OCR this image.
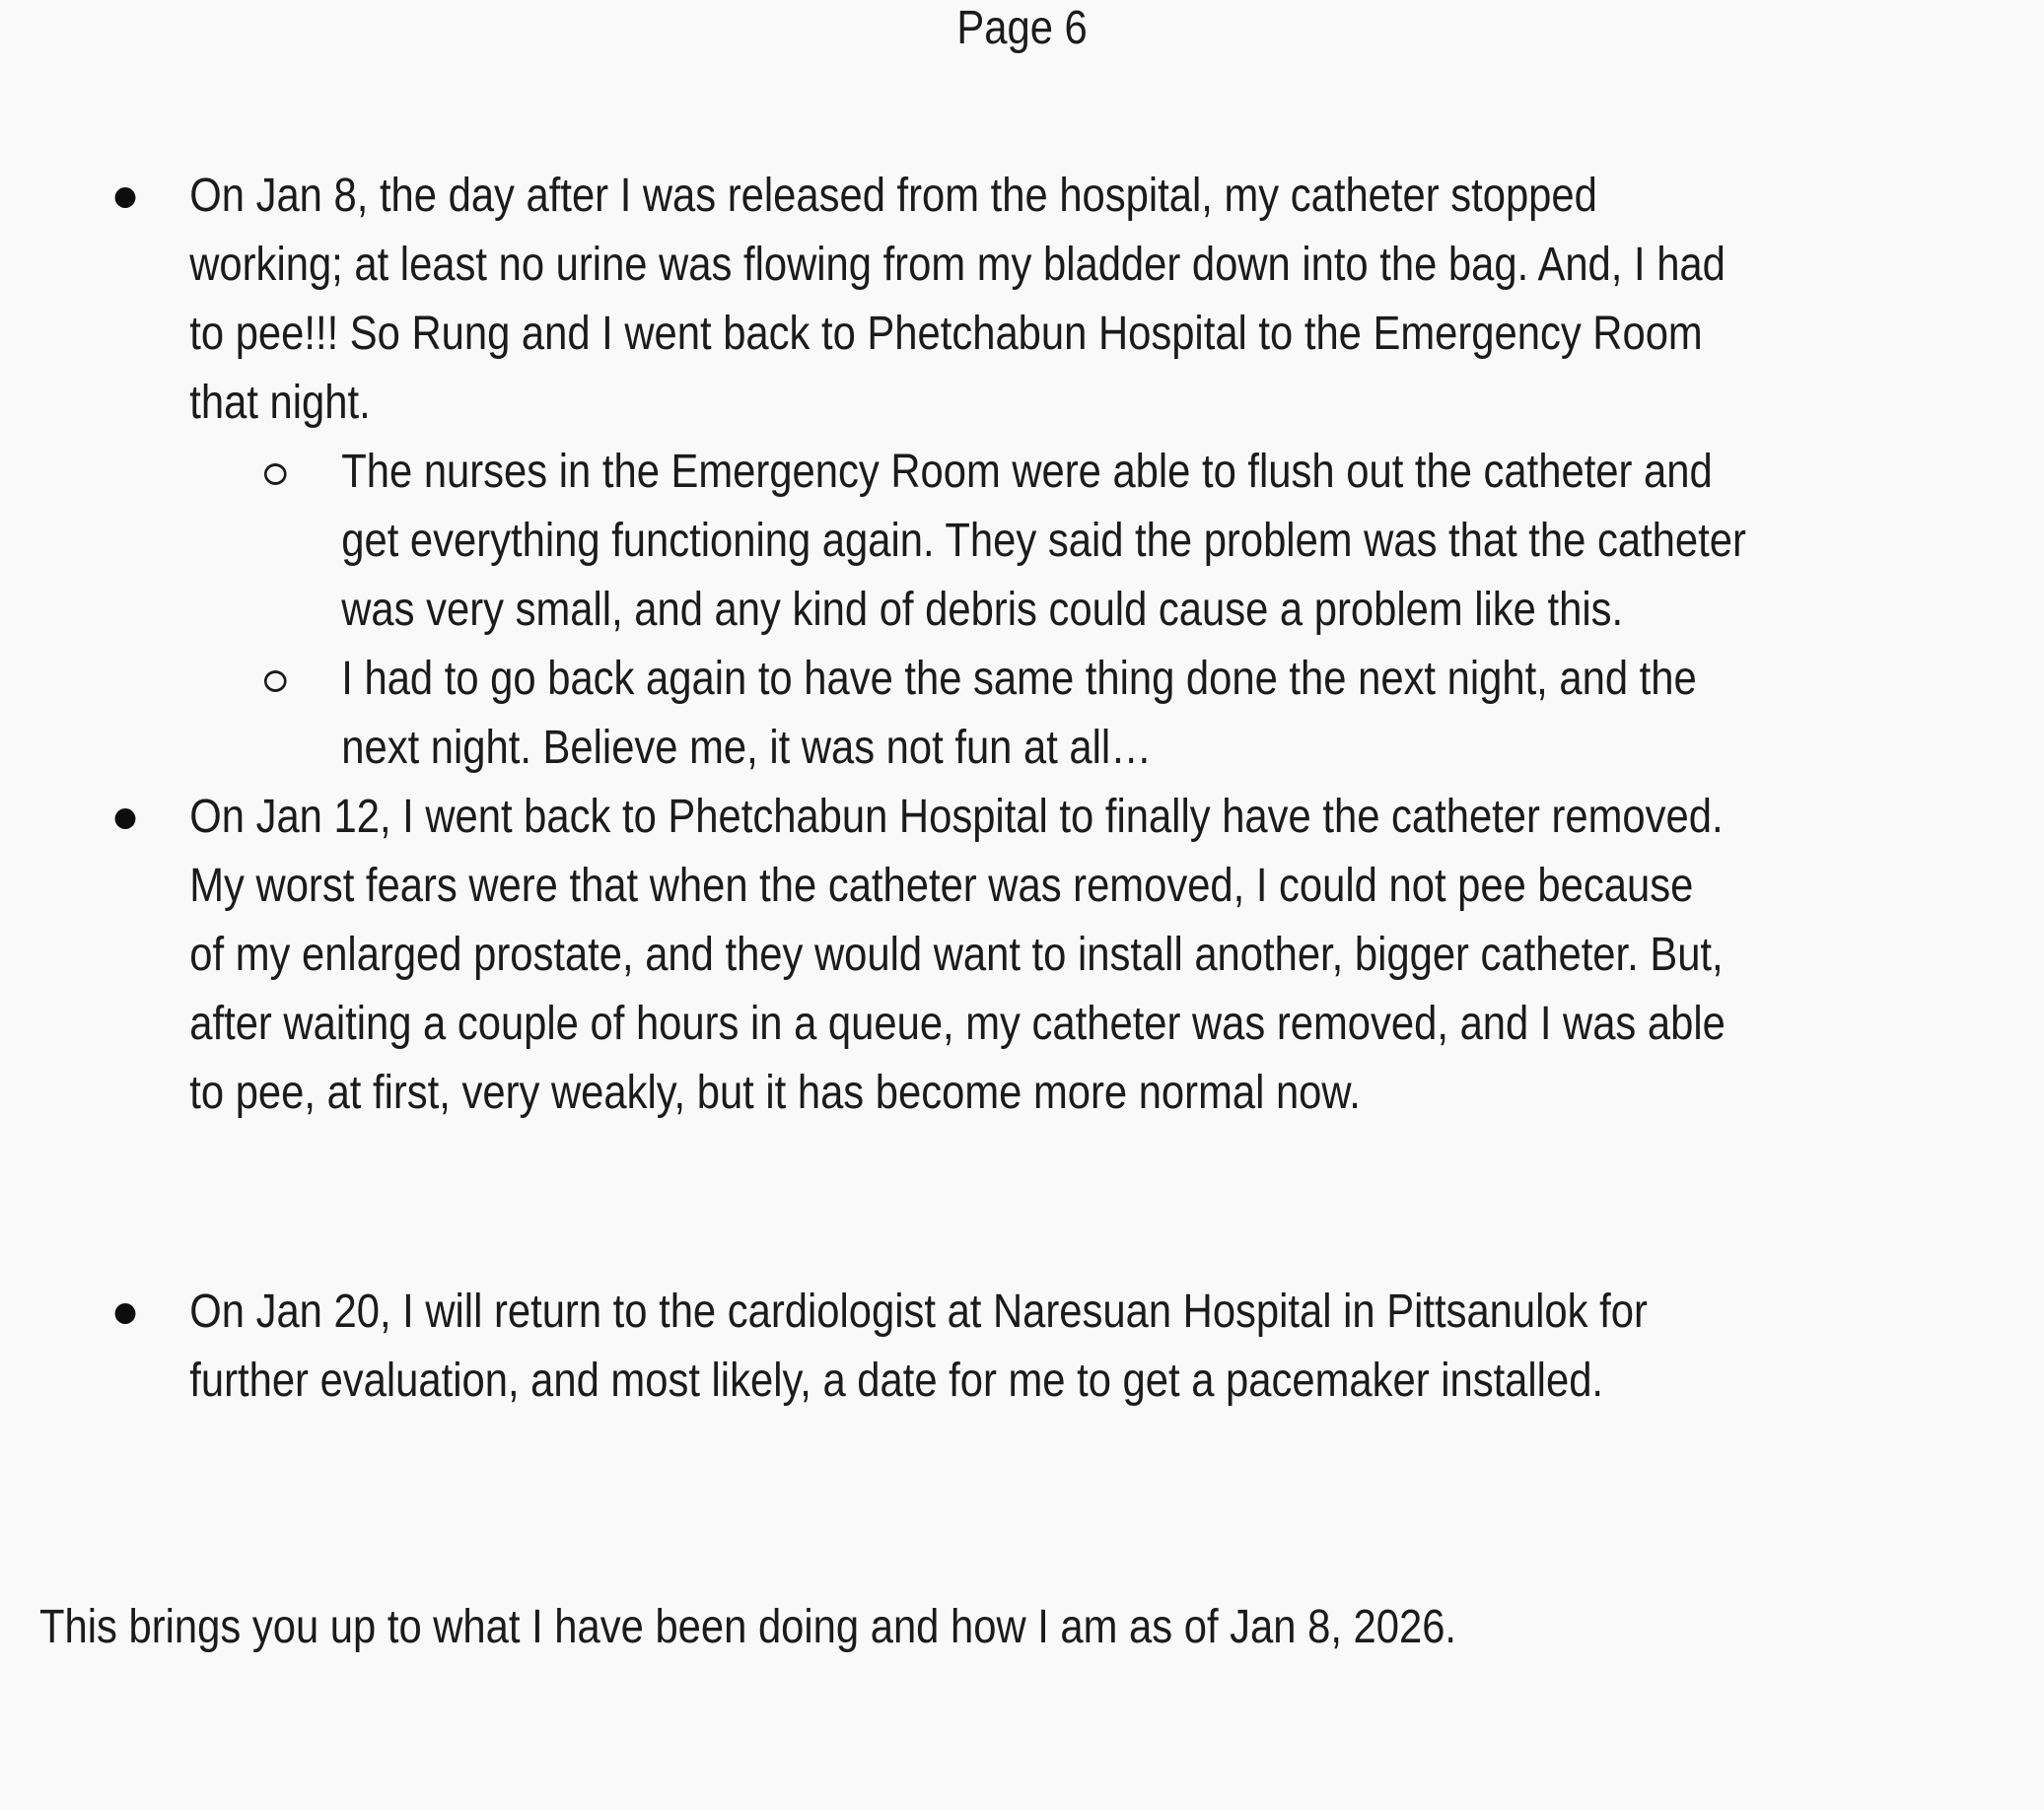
Page 6
On Jan 8, the day after I was released from the hospital, my catheter stopped
working; at least no urine was flowing from my bladder down into the bag. And, I had
to pee!!! So Rung and I went back to Phetchabun Hospital to the Emergency Room
that night.
The nurses in the Emergency Room were able to flush out the catheter and
get everything functioning again. They said the problem was that the catheter
was very small, and any kind of debris could cause a problem like this.
I had to go back again to have the same thing done the next night, and the
next night. Believe me, it was not fun at all…
On Jan 12, I went back to Phetchabun Hospital to finally have the catheter removed.
My worst fears were that when the catheter was removed, I could not pee because
of my enlarged prostate, and they would want to install another, bigger catheter. But,
after waiting a couple of hours in a queue, my catheter was removed, and I was able
to pee, at first, very weakly, but it has become more normal now.
On Jan 20, I will return to the cardiologist at Naresuan Hospital in Pittsanulok for
further evaluation, and most likely, a date for me to get a pacemaker installed.
This brings you up to what I have been doing and how I am as of Jan 8, 2026.
